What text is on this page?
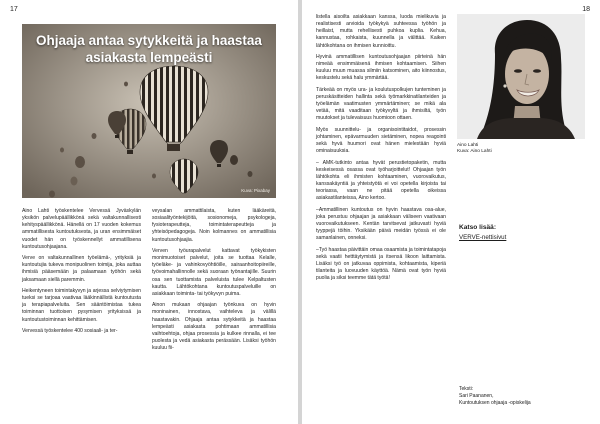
17
Ohjaaja antaa sytykkeitä ja haastaa
asiakasta lempeästi
Kuva: Pixabay

Aino Lahti työskentelee Vervessä Jyväskylän yksikön palvelupäällikkönä sekä valtakunnallisesti kehityspäällikkönä. Hänellä on 17 vuoden kokemus ammatillisesta kuntoutuksesta, ja uran ensimmäiset vuodet hän on työskennellyt ammatillisena kuntoutusohjaajana.

Verve on valtakunnallinen työelämä-, yrityksiä ja kuntoutujia tukeva monipuolinen toimija, joka auttaa ihmisiä pääsemään ja palaamaan työhön sekä jaksamaan siellä paremmin.

Heikentyneen toimintakyvyn ja arjessa selviytymisen tueksi se tarjoaa vaativaa lääkinnällistä kuntoutusta ja terapiapalveluita. Sen sääntöimistaa tukea toiminnan tuottoisen pysymisen yrityksissä ja kuntoutustoiminnan kehittämisen.

Vervessä työskentelee 400 sosiaali- ja ter-

veysalan ammattilaista, kuten lääkäreitä, sosiaalityöntekijöitä, sosionomeja, psykologeja, fysioterapeutteja, toimintaterapeutteja ja yhteisöpedagogeja. Noin kolmannes on ammatillisia kuntoutusohjaajia.

Verven työurapalvelut kattavat työkykisten monimuotoiset palvelut, joita se tuottaa Kelalle, työeläke- ja vahinkovyöhtiöille, sairaanhoitopiireille, työvoimahallinnolle sekä suoraan työnantajille. Suurin osa sen tuottamista palveluista tulee Kelpaltusten kautta. Lähtökohtana kuntoutuspalveluille on asiakkaan toiminta- tai työkyvyn puima.

Ainon mukaan ohjaajan työnkuva on hyvin moninainen, innostava, vaihteleva ja välillä haastavakin. Ohjaaja antaa sytykkeitä ja haastaa lempeästi asiakasta pohtimaan ammatillisia vaihtoehtoja, ohjaa prosessia ja kulkee rinnalla, ei tee puolesta ja vedä asiakasta perässään. Lisäksi työhön kuuluu fii-

18

listella aisoilta asiakkaan kanssa, luoda mielikuvia ja realistisesti arvioida työkykyä suhteessa työhön ja heillaist, mutta rehellisesti puhkoa kuplia. Kehua, kannustaa, rohkaista, kuunnella ja välittää. Kaiken lähtökohtana on ihmisen kunnioittu.

Hyvinä ammatillisen kuntoutusohjaajan piirteinä hän nimeää ensimmäisenä ihmisen kohtaamisen. Siihen kuuluu muun muassa silmiin katsominen, aito kiinnostus, keskustelu sekä halu ymmärtää.

Tärkeää on myös ura- ja koulutuspolkujen tunteminen ja peruskäsitteiden hallinta sekä työmarkkinatilanteiden ja työelämän vaatimusten ymmärtäminen; se mikä ala vetää, mitä vaaditaan työkyvyltä ja ihmisiltä, työn muutokset ja tulevaisuus huomioon ottaen.

Myös suunnittelu- ja organisointitaidot, prosessin johtaminen, epävarmuuden sietäminen, nopea reagointi sekä hyvä huumori ovat hänen mielestään hyviä ominaisuuksia.

– AMK-tutkinto antaa hyvät perustietopaketin, mutta keskeisessä osassa ovat työharjoittelut! Ohjaajan työn lähtökohta eli ihmisten kohtaaminen, vuorovaikutus, kanssakäyntiä ja yhteistyötä ei voi opetella kirjoista tai teoriassa, vaan ne pitää opetella oikeissa asiakastilanteissa, Aino kertoo.

–Ammatillinen kuntoutus on hyvin haastava osa-alue, joka perustuu ohjaajan ja asiakkaan väliseen vaativaan vuorovaikutukseen. Kentän tarvitsevat jatkuvasti hyviä tyyppejä töihin. Yksikään päivä meidän työssä ei ole samanlainen, onneksi.

–Työ haastaa päivittäin omaa osaamista ja toimintatapoja sekä vaatii hetttäytymistä ja itsensä likoon laittamista. Lisäksi työ on jatkuvaa oppimista, kohtaamista, kiperiä tilanteita ja luovuuden käyttöä. Nämä ovat työn hyviä puolia ja siksi teemme tätä työtä!

Aino Lahti
Kuva: Aino Lahti
Katso lisää:
VERVE-nettisivut
Teksti:
Sari Paananen,
Kuntoutuksen ohjaaja -opiskelija
